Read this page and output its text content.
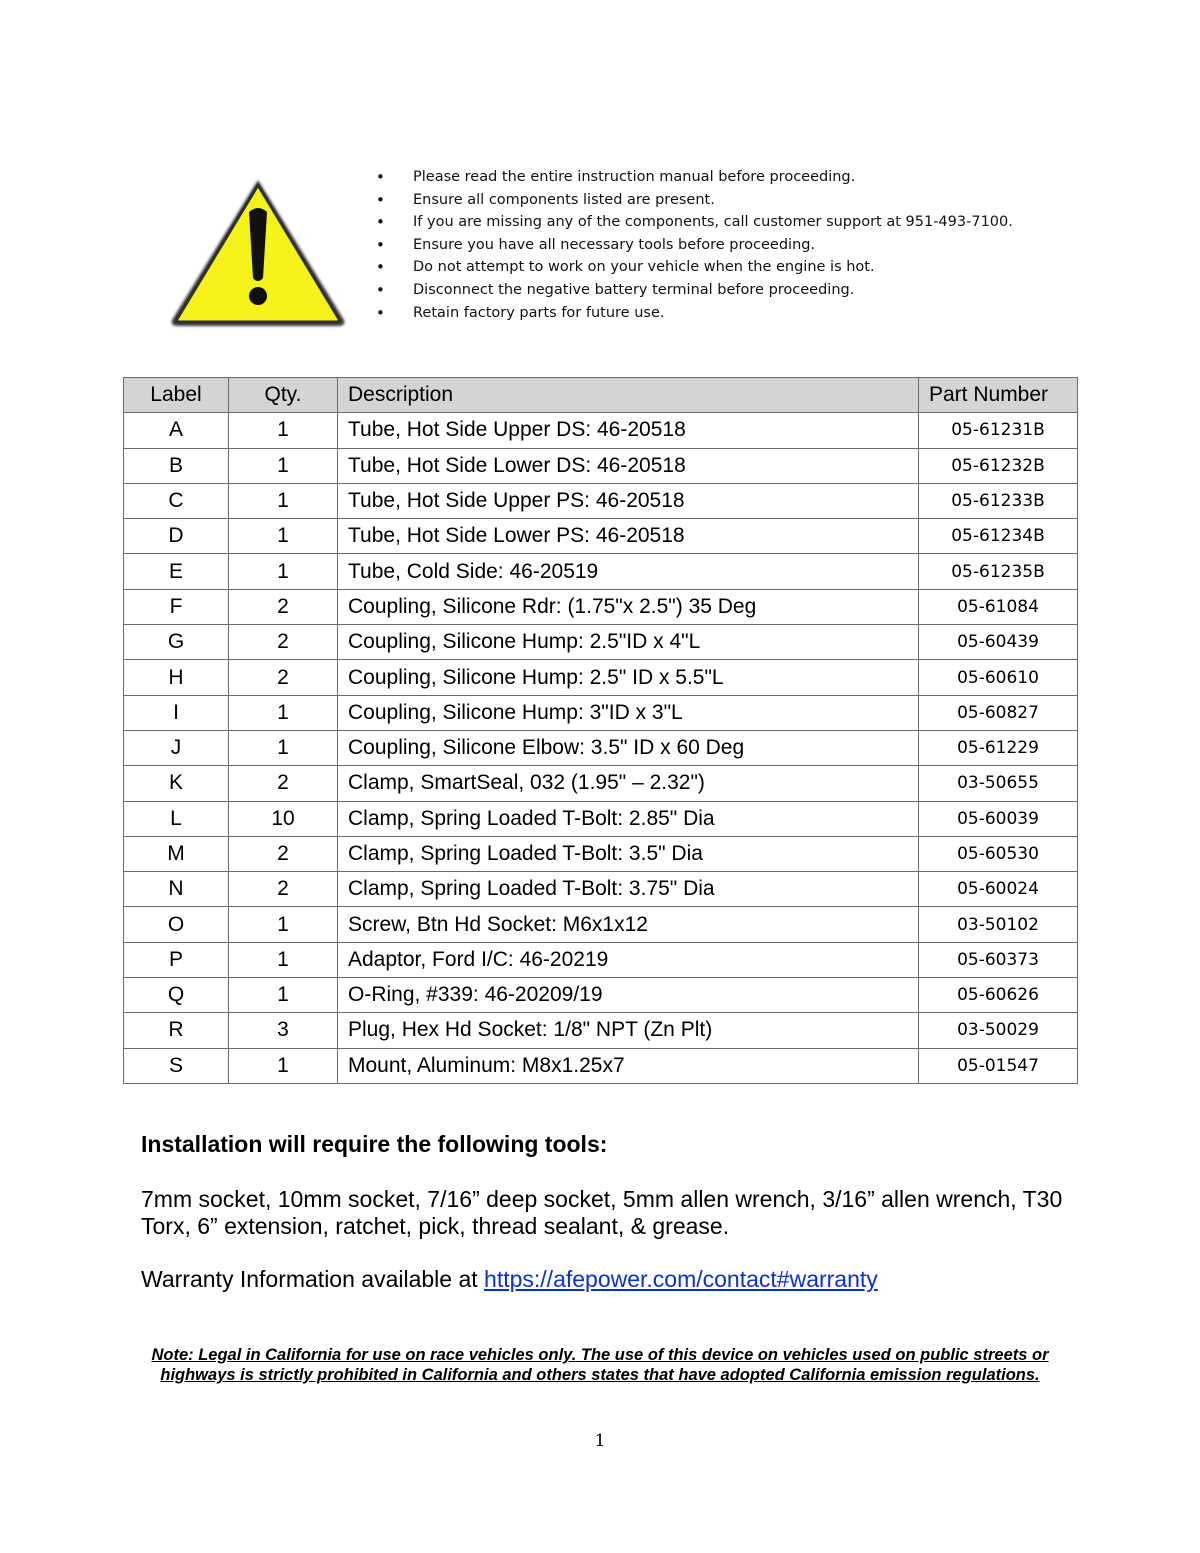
• Please read the entire instruction manual before proceeding.
• Ensure all components listed are present.
• If you are missing any of the components, call customer support at 951-493-7100.
• Ensure you have all necessary tools before proceeding.
• Do not attempt to work on your vehicle when the engine is hot.
• Disconnect the negative battery terminal before proceeding.
• Retain factory parts for future use.
Label	Qty.	Description	Part Number
A	1	Tube, Hot Side Upper DS: 46-20518	05-61231B
B	1	Tube, Hot Side Lower DS: 46-20518	05-61232B
C	1	Tube, Hot Side Upper PS: 46-20518	05-61233B
D	1	Tube, Hot Side Lower PS: 46-20518	05-61234B
E	1	Tube, Cold Side: 46-20519	05-61235B
F	2	Coupling, Silicone Rdr: (1.75"x 2.5") 35 Deg	05-61084
G	2	Coupling, Silicone Hump: 2.5"ID x 4"L	05-60439
H	2	Coupling, Silicone Hump: 2.5" ID x 5.5"L	05-60610
I	1	Coupling, Silicone Hump: 3"ID x 3"L	05-60827
J	1	Coupling, Silicone Elbow: 3.5" ID x 60 Deg	05-61229
K	2	Clamp, SmartSeal, 032 (1.95" – 2.32")	03-50655
L	10	Clamp, Spring Loaded T-Bolt: 2.85" Dia	05-60039
M	2	Clamp, Spring Loaded T-Bolt: 3.5" Dia	05-60530
N	2	Clamp, Spring Loaded T-Bolt: 3.75" Dia	05-60024
O	1	Screw, Btn Hd Socket: M6x1x12	03-50102
P	1	Adaptor, Ford I/C: 46-20219	05-60373
Q	1	O-Ring, #339: 46-20209/19	05-60626
R	3	Plug, Hex Hd Socket: 1/8" NPT (Zn Plt)	03-50029
S	1	Mount, Aluminum: M8x1.25x7	05-01547

Installation will require the following tools:

7mm socket, 10mm socket, 7/16” deep socket, 5mm allen wrench, 3/16” allen wrench, T30 Torx, 6” extension, ratchet, pick, thread sealant, & grease.

Warranty Information available at https://afepower.com/contact#warranty

Note: Legal in California for use on race vehicles only. The use of this device on vehicles used on public streets or highways is strictly prohibited in California and others states that have adopted California emission regulations.

1
